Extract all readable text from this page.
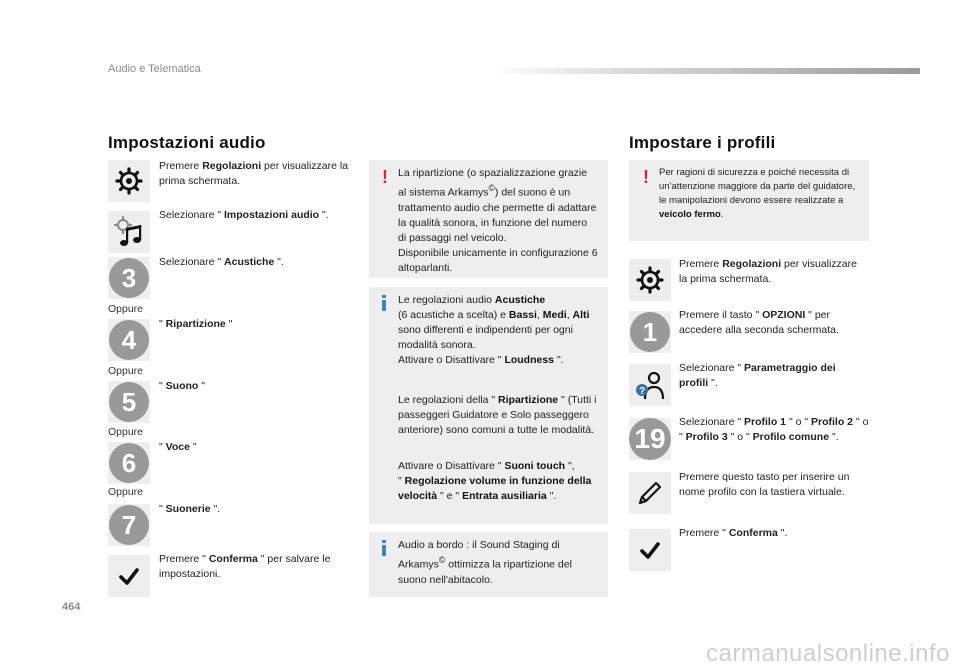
Audio e Telematica
Impostazioni audio
Premere Regolazioni per visualizzare la prima schermata.
Selezionare " Impostazioni audio ".
3
Selezionare " Acustiche ".
Oppure
4
" Ripartizione "
Oppure
5
" Suono "
Oppure
6
" Voce "
Oppure
7
" Suonerie ".
Premere " Conferma " per salvare le impostazioni.
! La ripartizione (o spazializzazione grazie al sistema Arkamys©) del suono è un trattamento audio che permette di adattare la qualità sonora, in funzione del numero di passaggi nel veicolo.
Disponibile unicamente in configurazione 6 altoparlanti.
Le regolazioni audio Acustiche
(6 acustiche a scelta) e Bassi, Medi, Alti sono differenti e indipendenti per ogni modalità sonora.
Attivare o Disattivare " Loudness ".
Le regolazioni della " Ripartizione " (Tutti i passeggeri Guidatore e Solo passeggero anteriore) sono comuni a tutte le modalità.
Attivare o Disattivare " Suoni touch ",
" Regolazione volume in funzione della velocità " e " Entrata ausiliaria ".
Audio a bordo : il Sound Staging di Arkamys© ottimizza la ripartizione del suono nell'abitacolo.
Impostare i profili
! Per ragioni di sicurezza e poiché necessita di un'attenzione maggiore da parte del guidatore, le manipolazioni devono essere realizzate a veicolo fermo.
Premere Regolazioni per visualizzare la prima schermata.
1
Premere il tasto " OPZIONI " per accedere alla seconda schermata.
?
Selezionare " Parametraggio dei profili ".
19
Selezionare " Profilo 1 " o " Profilo 2 " o " Profilo 3 " o " Profilo comune ".
Premere questo tasto per inserire un nome profilo con la tastiera virtuale.
Premere " Conferma ".
464
carmanualsonline.info
